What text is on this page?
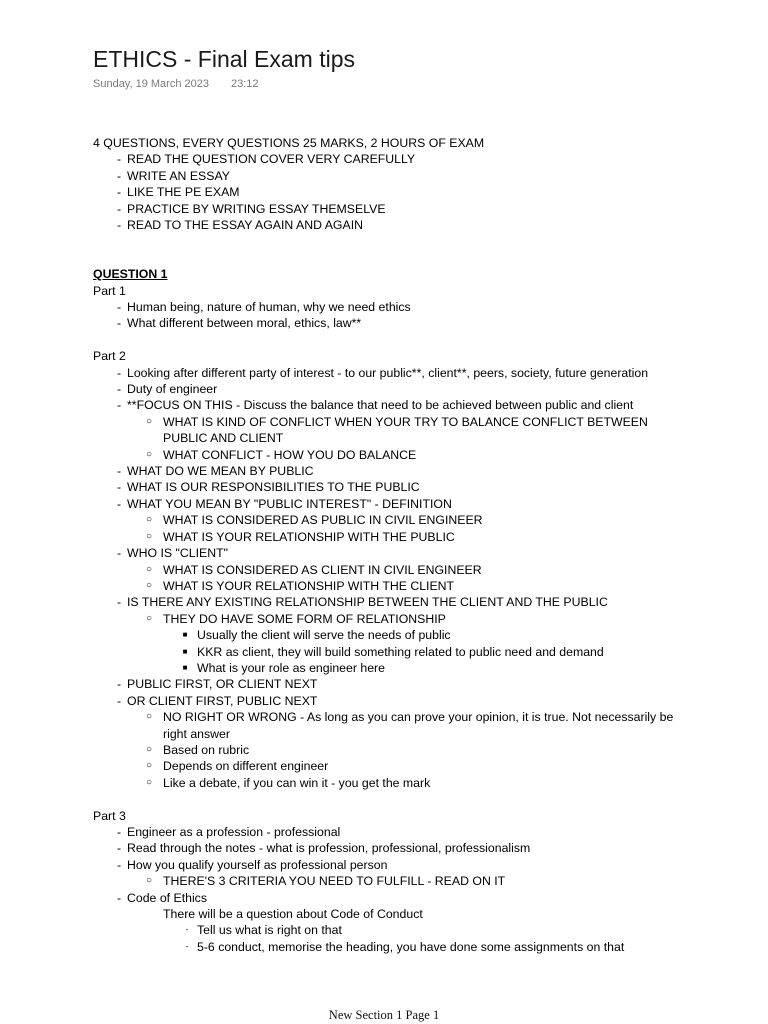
ETHICS - Final Exam tips
Sunday, 19 March 2023 23:12
4 QUESTIONS, EVERY QUESTIONS 25 MARKS, 2 HOURS OF EXAM
- READ THE QUESTION COVER VERY CAREFULLY
- WRITE AN ESSAY
- LIKE THE PE EXAM
- PRACTICE BY WRITING ESSAY THEMSELVE
- READ TO THE ESSAY AGAIN AND AGAIN
QUESTION 1
Part 1
- Human being, nature of human, why we need ethics
- What different between moral, ethics, law**
Part 2
- Looking after different party of interest - to our public**, client**, peers, society, future generation
- Duty of engineer
- **FOCUS ON THIS - Discuss the balance that need to be achieved between public and client
○ WHAT IS KIND OF CONFLICT WHEN YOUR TRY TO BALANCE CONFLICT BETWEEN PUBLIC AND CLIENT
○ WHAT CONFLICT - HOW YOU DO BALANCE
- WHAT DO WE MEAN BY PUBLIC
- WHAT IS OUR RESPONSIBILITIES TO THE PUBLIC
- WHAT YOU MEAN BY "PUBLIC INTEREST" - DEFINITION
○ WHAT IS CONSIDERED AS PUBLIC IN CIVIL ENGINEER
○ WHAT IS YOUR RELATIONSHIP WITH THE PUBLIC
- WHO IS "CLIENT"
○ WHAT IS CONSIDERED AS CLIENT IN CIVIL ENGINEER
○ WHAT IS YOUR RELATIONSHIP WITH THE CLIENT
- IS THERE ANY EXISTING RELATIONSHIP BETWEEN THE CLIENT AND THE PUBLIC
○ THEY DO HAVE SOME FORM OF RELATIONSHIP
■ Usually the client will serve the needs of public
■ KKR as client, they will build something related to public need and demand
■ What is your role as engineer here
- PUBLIC FIRST, OR CLIENT NEXT
- OR CLIENT FIRST, PUBLIC NEXT
○ NO RIGHT OR WRONG - As long as you can prove your opinion, it is true. Not necessarily be right answer
○ Based on rubric
○ Depends on different engineer
○ Like a debate, if you can win it - you get the mark
Part 3
- Engineer as a profession - professional
- Read through the notes - what is profession, professional, professionalism
- How you qualify yourself as professional person
○ THERE'S 3 CRITERIA YOU NEED TO FULFILL - READ ON IT
- Code of Ethics
There will be a question about Code of Conduct
- Tell us what is right on that
- 5-6 conduct, memorise the heading, you have done some assignments on that
New Section 1 Page 1
